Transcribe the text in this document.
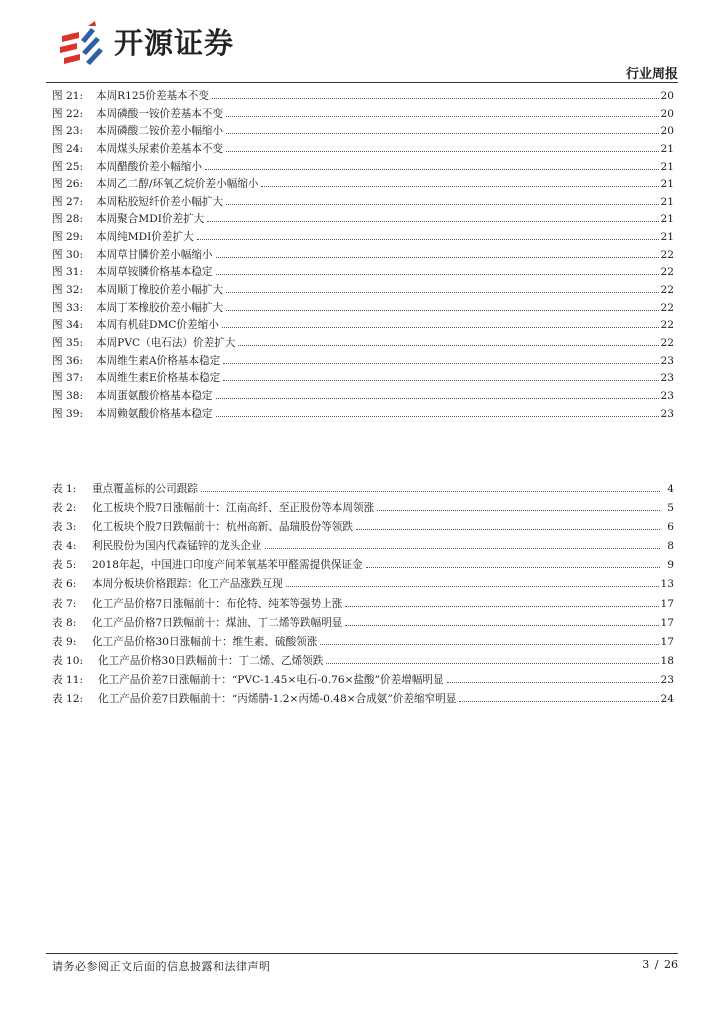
开源证券
行业周报
图 21:	本周R125价差基本不变	20
图 22:	本周磷酸一铵价差基本不变	20
图 23:	本周磷酸二铵价差小幅缩小	20
图 24:	本周煤头尿素价差基本不变	21
图 25:	本周醋酸价差小幅缩小	21
图 26:	本周乙二醇/环氧乙烷价差小幅缩小	21
图 27:	本周粘胶短纤价差小幅扩大	21
图 28:	本周聚合MDI价差扩大	21
图 29:	本周纯MDI价差扩大	21
图 30:	本周草甘膦价差小幅缩小	22
图 31:	本周草铵膦价格基本稳定	22
图 32:	本周顺丁橡胶价差小幅扩大	22
图 33:	本周丁苯橡胶价差小幅扩大	22
图 34:	本周有机硅DMC价差缩小	22
图 35:	本周PVC（电石法）价差扩大	22
图 36:	本周维生素A价格基本稳定	23
图 37:	本周维生素E价格基本稳定	23
图 38:	本周蛋氨酸价格基本稳定	23
图 39:	本周赖氨酸价格基本稳定	23
表 1:	重点覆盖标的公司跟踪	4
表 2:	化工板块个股7日涨幅前十：江南高纤、至正股份等本周领涨	5
表 3:	化工板块个股7日跌幅前十：杭州高新、晶瑞股份等领跌	6
表 4:	利民股份为国内代森锰锌的龙头企业	8
表 5:	2018年起，中国进口印度产间苯氧基苯甲醛需提供保证金	9
表 6:	本周分板块价格跟踪：化工产品涨跌互现	13
表 7:	化工产品价格7日涨幅前十：布伦特、纯苯等强势上涨	17
表 8:	化工产品价格7日跌幅前十：煤油、丁二烯等跌幅明显	17
表 9:	化工产品价格30日涨幅前十：维生素、硫酸领涨	17
表 10:	化工产品价格30日跌幅前十：丁二烯、乙烯领跌	18
表 11:	化工产品价差7日涨幅前十：“PVC-1.45×电石-0.76×盐酸”价差增幅明显	23
表 12:	化工产品价差7日跌幅前十：“丙烯腈-1.2×丙烯-0.48×合成氨”价差缩窄明显	24
请务必参阅正文后面的信息披露和法律声明	3 / 26
